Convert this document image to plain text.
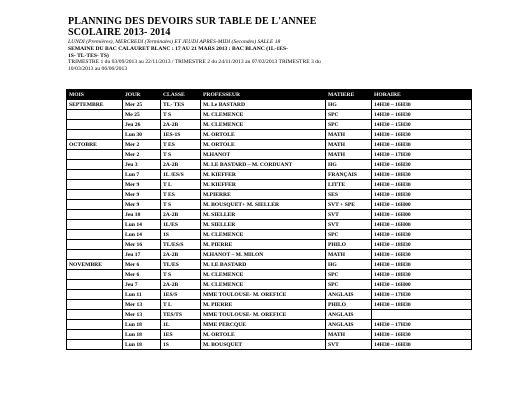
PLANNING DES DEVOIRS SUR TABLE DE L'ANNEE
SCOLAIRE 2013- 2014
LUNDI (Premières), MERCREDI (Terminales) ET JEUDI APRES-MIDI (Secondes) SALLE 18
SEMAINE DU BAC CALAURET BLANC : 17 AU 21 MARS 2013 : BAC BLANC (1L-1ES-
1S- TL-TES- TS)
TRIMESTRE 1 du 03/09/2013 au 22/11/2013 / TRIMESTRE 2 du 24/11/2013 au 07/03/2013 TRIMESTRE 3 du
10/03/2013 au 06/06/2013
MOIS	JOUR	CLASSE	PROFESSEUR	MATIERE	HORAIRE
SEPTEMBRE	Mer 25	TL- TES	M. Le BASTARD	HG	14H30 – 16H30
	Me 25	T S	M. CLEMENCE	SPC	14H30 – 16H30
	Jeu 26	2A-2B	M. CLEMENCE	SPC	14H30 – 15H30
	Lun 30	1ES-1S	M. ORTOLE	MATH	14H30 – 16H30
OCTOBRE	Mer 2	T ES	M. ORTOLE	MATH	14H30 – 16H30
	Mer 2	T S	M.HANOT	MATH	14H30 – 17H30
	Jeu 3	2A-2B	M. LE BASTARD – M. CORDUANT	HG	14H30 – 16H30
	Lun 7	1L /ES/S	M. KIEFFER	FRANÇAIS	14H30 – 18H30
	Mer 9	T L	M. KIEFFER	LITTE	14H30 – 16H30
	Mer 9	T ES	M.PIERRE	SES	14H30 – 18H30
	Mer 9	T S	M. BOUSQUET+ M. SIELLER	SVT + SPE	14H30 – 16H00
	Jeu 10	2A-2B	M. SIELLER	SVT	14H30 – 16H00
	Lun 14	1L/ES	M. SIELLER	SVT	14H30 – 16H00
	Lun 14	1S	M. CLEMENCE	SPC	14H30 – 16H30
	Mer 16	TL/ES/S	M. PIERRE	PHILO	14H30 – 18H30
	Jeu 17	2A-2B	M.HANOT – M. MILON	MATH	14H30 – 16H30
NOVEMBRE	Mer 6	TL/ES	M. LE BASTARD	HG	14H30 – 18H30
	Mer 6	T S	M. CLEMENCE	SPC	14H30 – 18H30
	Jeu 7	2A-2B	M. CLEMENCE	SPC	14H30 – 16H00
	Lun 11	1ES/S	MME TOULOUSE- M. OREFICE	ANGLAIS	14H30 – 17H30
	Mer 13	T L	M. PIERRE	PHILO	14H30 – 18H30
	Mer 13	TES/TS	MME TOULOUSE- M. OREFICE	ANGLAIS	
	Lun 18	1L	MME PERCQUE	ANGLAIS	14H30 – 17H30
	Lun 18	1ES	M. ORTOLE	MATH	14H30 – 16H30
	Lun 18	1S	M. BOUSQUET	SVT	14H30 – 16H30
